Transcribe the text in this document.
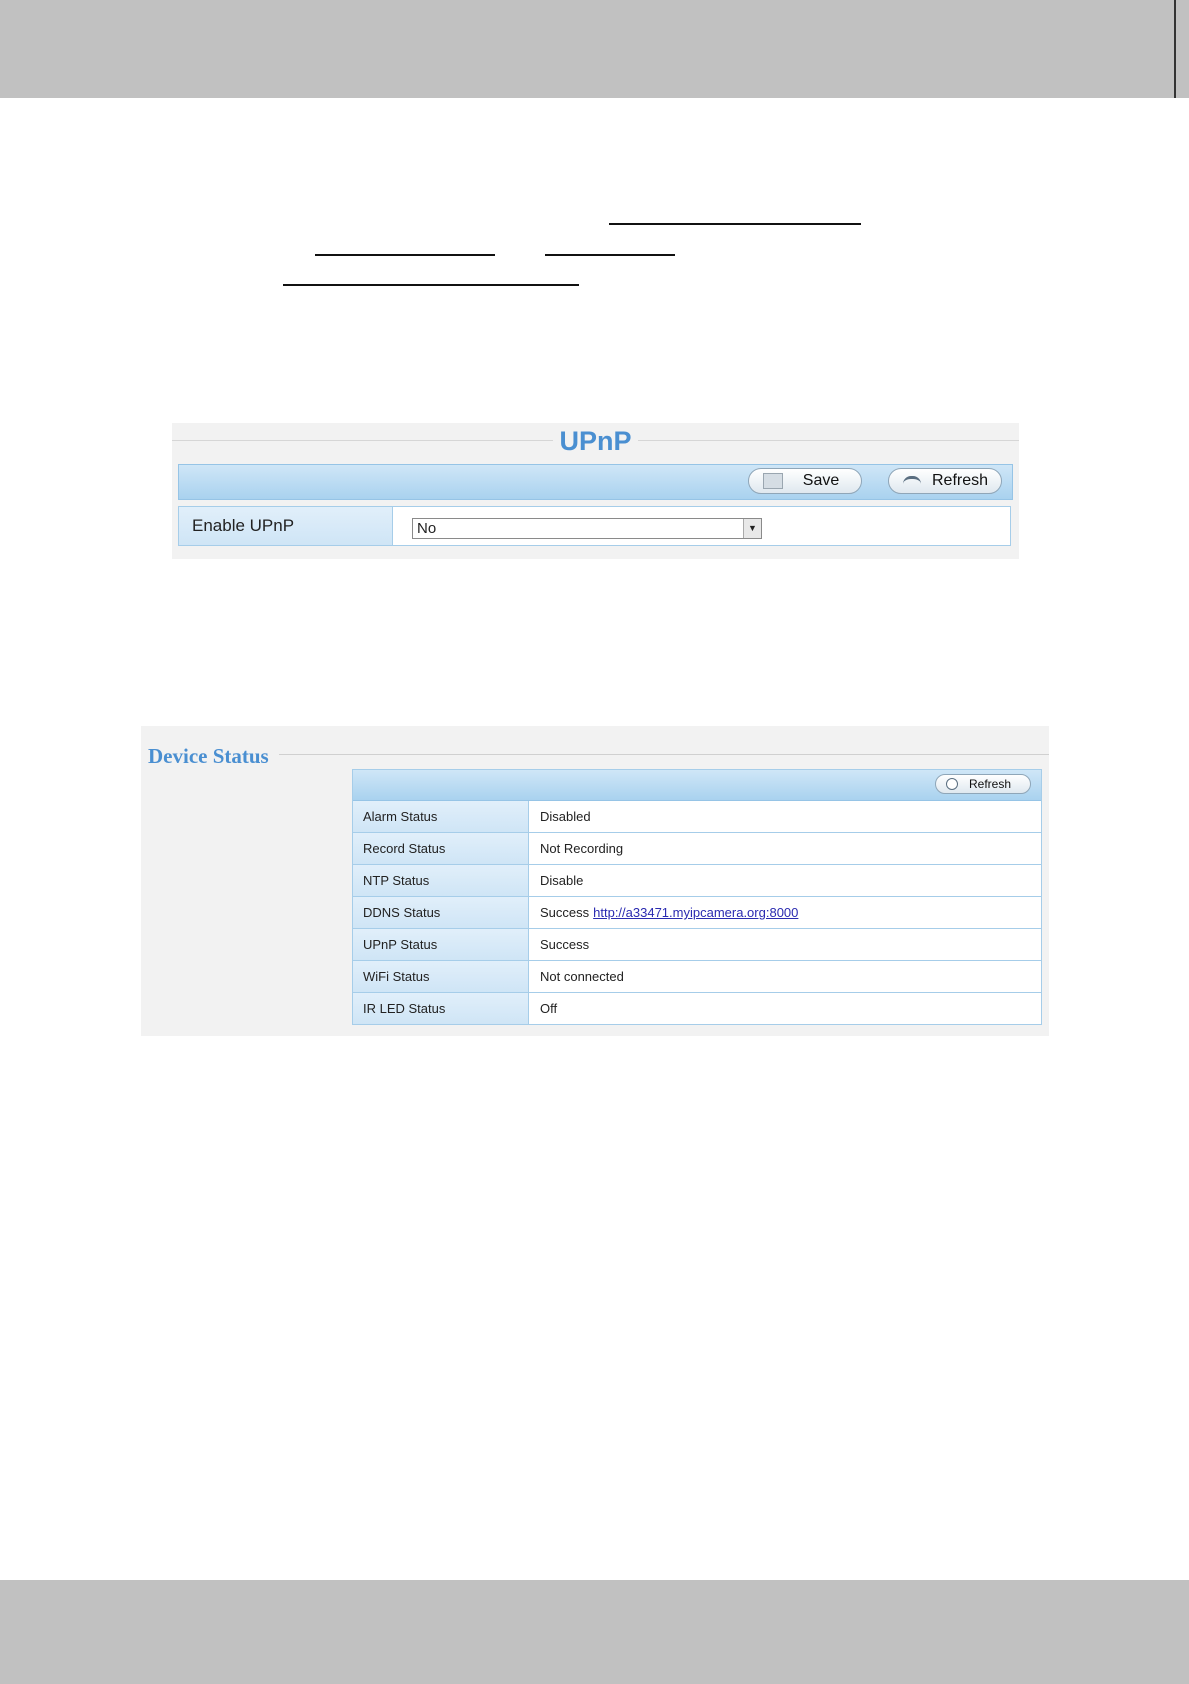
UPnP
Save	Refresh
Enable UPnP	No	▼
Device Status
Refresh
Alarm Status	Disabled
Record Status	Not Recording
NTP Status	Disable
DDNS Status	Success http://a33471.myipcamera.org:8000
UPnP Status	Success
WiFi Status	Not connected
IR LED Status	Off
